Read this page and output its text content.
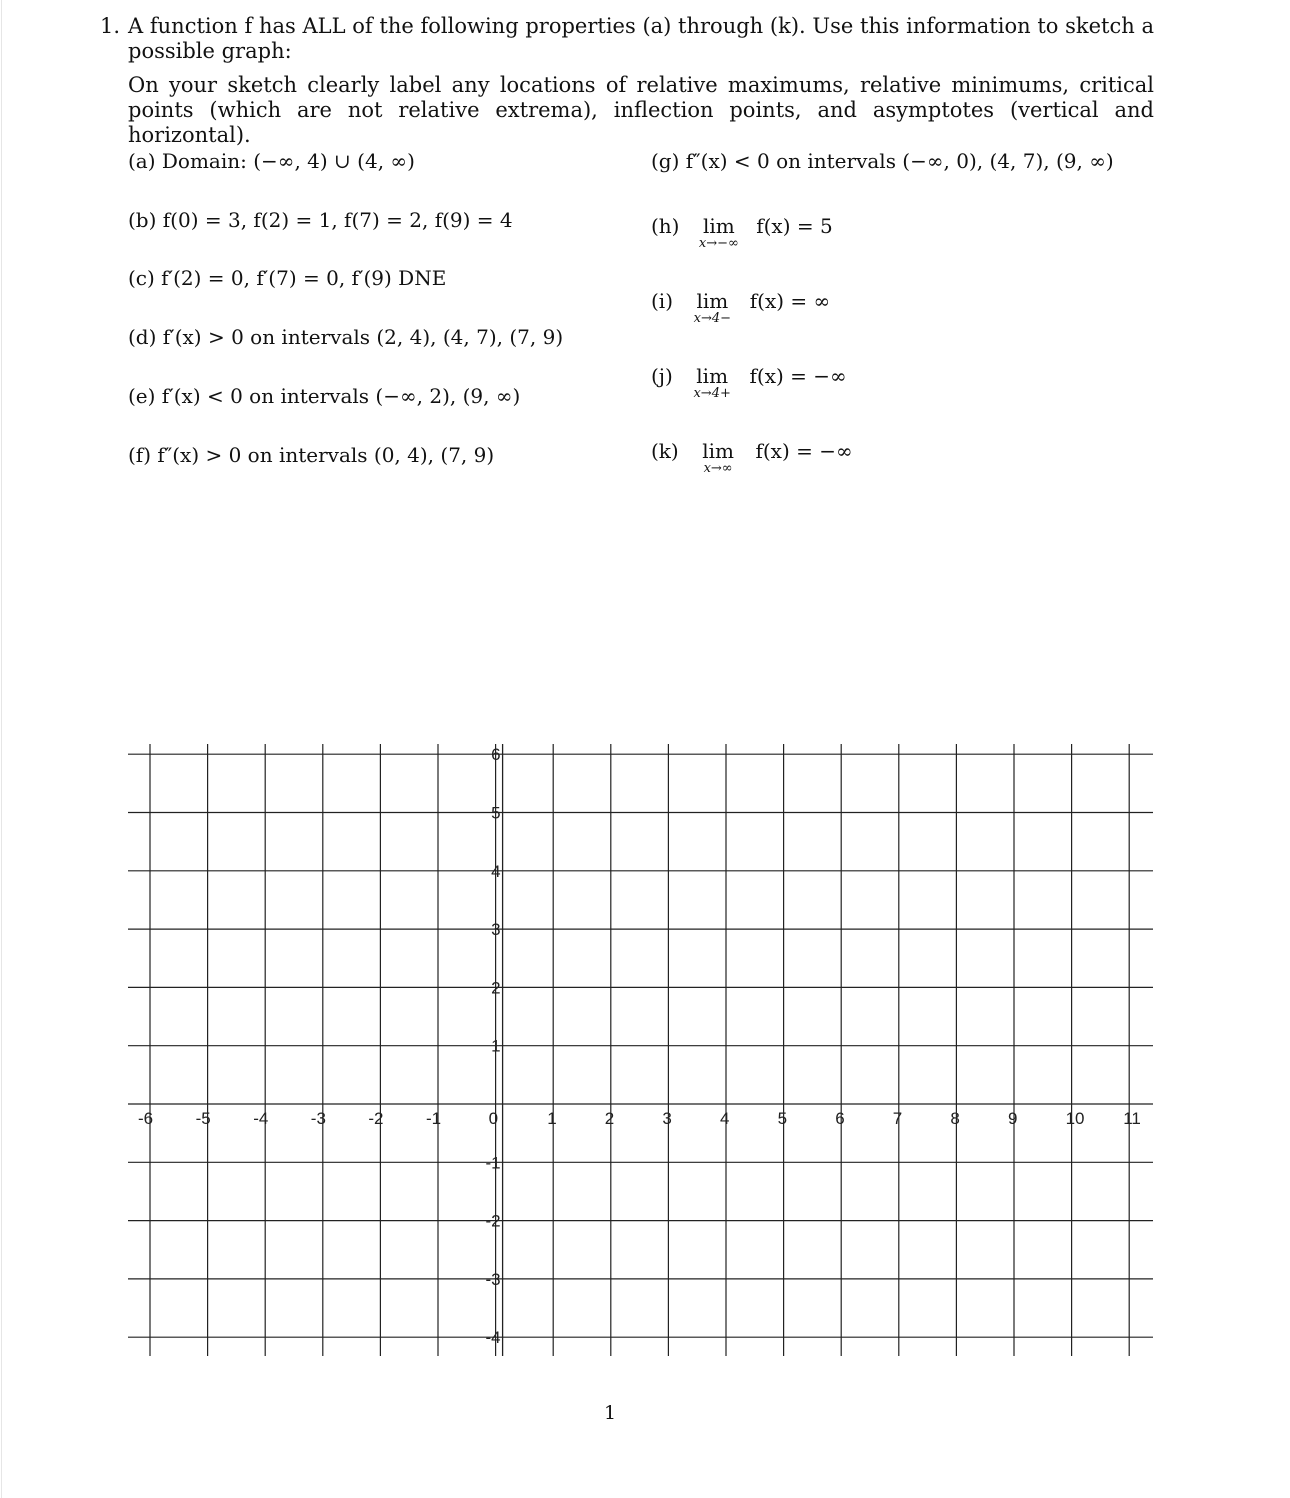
1. A function f has ALL of the following properties (a) through (k). Use this information to sketch a possible graph:
On your sketch clearly label any locations of relative maximums, relative minimums, critical points (which are not relative extrema), inflection points, and asymptotes (vertical and horizontal).
(a) Domain: (−∞, 4) ∪ (4, ∞)
(b) f(0) = 3, f(2) = 1, f(7) = 2, f(9) = 4
(c) f′(2) = 0, f′(7) = 0, f′(9) DNE
(d) f′(x) > 0 on intervals (2, 4), (4, 7), (7, 9)
(e) f′(x) < 0 on intervals (−∞, 2), (9, ∞)
(f) f″(x) > 0 on intervals (0, 4), (7, 9)
(g) f″(x) < 0 on intervals (−∞, 0), (4, 7), (9, ∞)
(h) lim
x→−∞
f(x) = 5
(i) lim
x→4−
f(x) = ∞
(j) lim
x→4+
f(x) = −∞
(k) lim
x→∞
f(x) = −∞
-6 -5 -4 -3 -2 -1	0	1	2	3	4	5	6	7	8	9	10 11
6
5
4
3
2
1
-1
-2
-3
-4
1
